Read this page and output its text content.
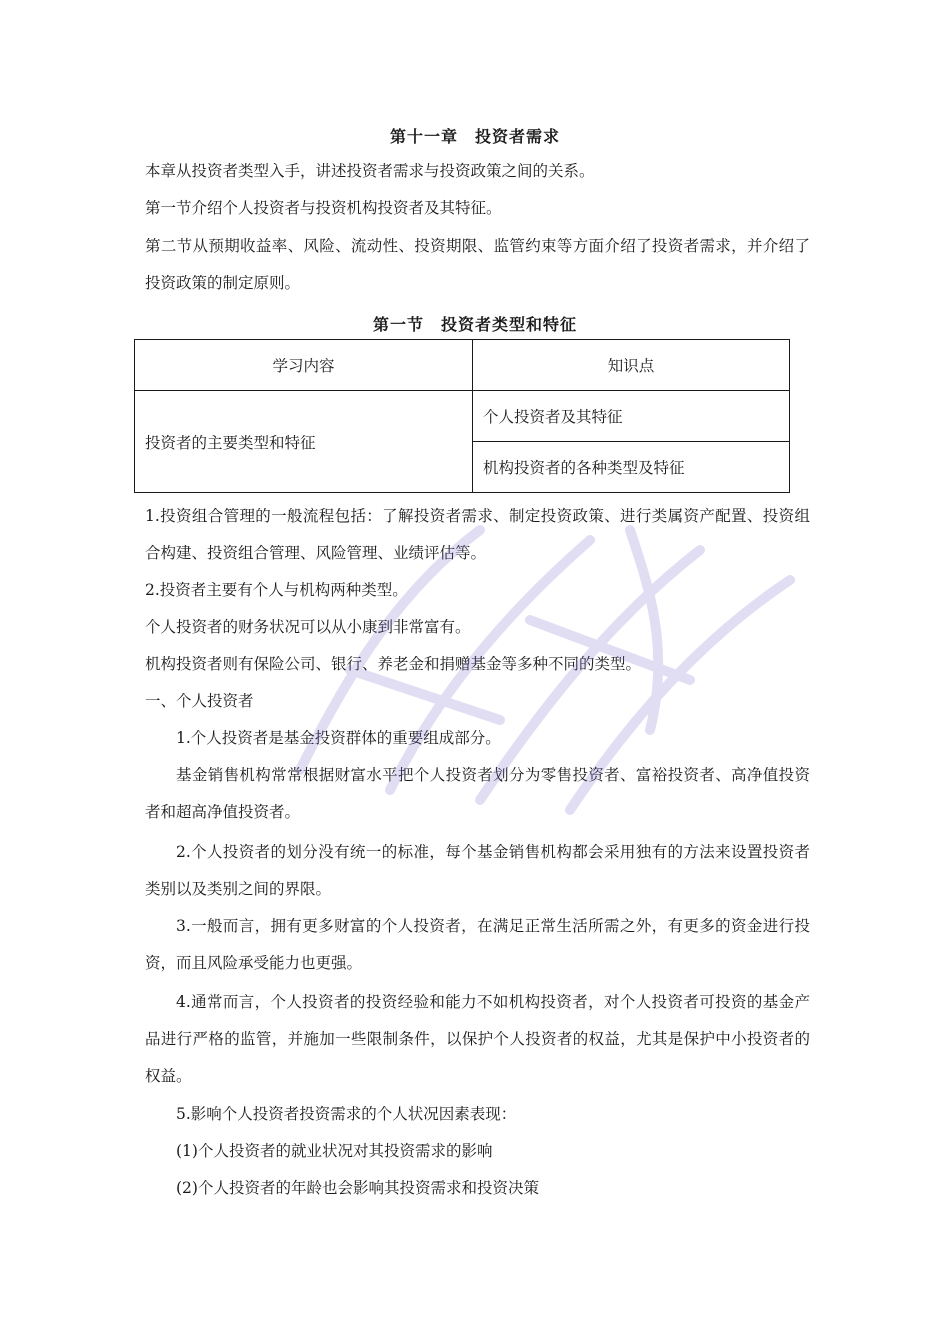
第十一章　投资者需求

本章从投资者类型入手，讲述投资者需求与投资政策之间的关系。

第一节介绍个人投资者与投资机构投资者及其特征。

第二节从预期收益率、风险、流动性、投资期限、监管约束等方面介绍了投资者需求，并介绍了投资政策的制定原则。

第一节　投资者类型和特征
学习内容	知识点
投资者的主要类型和特征	个人投资者及其特征
	机构投资者的各种类型及特征

1.投资组合管理的一般流程包括：了解投资者需求、制定投资政策、进行类属资产配置、投资组合构建、投资组合管理、风险管理、业绩评估等。

2.投资者主要有个人与机构两种类型。

个人投资者的财务状况可以从小康到非常富有。

机构投资者则有保险公司、银行、养老金和捐赠基金等多种不同的类型。

一、个人投资者

1.个人投资者是基金投资群体的重要组成部分。

基金销售机构常常根据财富水平把个人投资者划分为零售投资者、富裕投资者、高净值投资者和超高净值投资者。

2.个人投资者的划分没有统一的标准，每个基金销售机构都会采用独有的方法来设置投资者类别以及类别之间的界限。

3.一般而言，拥有更多财富的个人投资者，在满足正常生活所需之外，有更多的资金进行投资，而且风险承受能力也更强。

4.通常而言，个人投资者的投资经验和能力不如机构投资者，对个人投资者可投资的基金产品进行严格的监管，并施加一些限制条件，以保护个人投资者的权益，尤其是保护中小投资者的权益。

5.影响个人投资者投资需求的个人状况因素表现：

(1)个人投资者的就业状况对其投资需求的影响

(2)个人投资者的年龄也会影响其投资需求和投资决策
